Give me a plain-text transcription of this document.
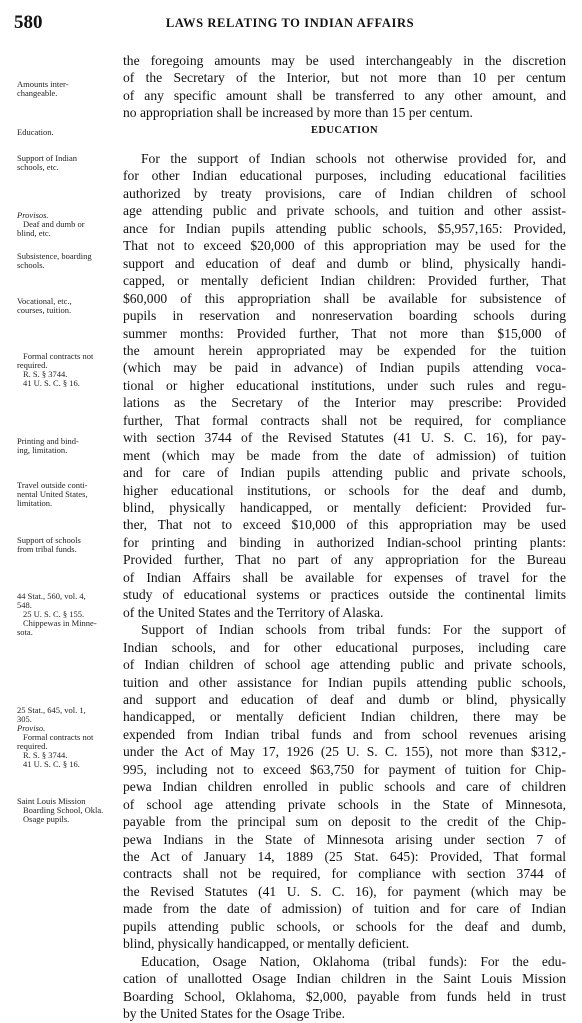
580	LAWS RELATING TO INDIAN AFFAIRS
EDUCATION
Amounts inter-
changeable.
Education.
Support of Indian
schools, etc.
Provisos.
Deaf and dumb or
blind, etc.
Subsistence, boarding
schools.
Vocational, etc.,
courses, tuition.
Formal contracts not
required.
R. S. § 3744.
41 U. S. C. § 16.
Printing and bind-
ing, limitation.
Travel outside conti-
nental United States,
limitation.
Support of schools
from tribal funds.
44 Stat., 560, vol. 4,
548.
25 U. S. C. § 155.
Chippewas in Minne-
sota.
25 Stat., 645, vol. 1,
305.
Proviso.
Formal contracts not
required.
R. S. § 3744.
41 U. S. C. § 16.
Saint Louis Mission
Boarding School, Okla.
Osage pupils.
the foregoing amounts may be used interchangeably in the discretion
of the Secretary of the Interior, but not more than 10 per centum
of any specific amount shall be transferred to any other amount, and
no appropriation shall be increased by more than 15 per centum.
For the support of Indian schools not otherwise provided for, and
for other Indian educational purposes, including educational facilities
authorized by treaty provisions, care of Indian children of school
age attending public and private schools, and tuition and other assist-
ance for Indian pupils attending public schools, $5,957,165: Provided,
That not to exceed $20,000 of this appropriation may be used for the
support and education of deaf and dumb or blind, physically handi-
capped, or mentally deficient Indian children: Provided further, That
$60,000 of this appropriation shall be available for subsistence of
pupils in reservation and nonreservation boarding schools during
summer months: Provided further, That not more than $15,000 of
the amount herein appropriated may be expended for the tuition
(which may be paid in advance) of Indian pupils attending voca-
tional or higher educational institutions, under such rules and regu-
lations as the Secretary of the Interior may prescribe: Provided
further, That formal contracts shall not be required, for compliance
with section 3744 of the Revised Statutes (41 U. S. C. 16), for pay-
ment (which may be made from the date of admission) of tuition
and for care of Indian pupils attending public and private schools,
higher educational institutions, or schools for the deaf and dumb,
blind, physically handicapped, or mentally deficient: Provided fur-
ther, That not to exceed $10,000 of this appropriation may be used
for printing and binding in authorized Indian-school printing plants:
Provided further, That no part of any appropriation for the Bureau
of Indian Affairs shall be available for expenses of travel for the
study of educational systems or practices outside the continental limits
of the United States and the Territory of Alaska.
Support of Indian schools from tribal funds: For the support of
Indian schools, and for other educational purposes, including care
of Indian children of school age attending public and private schools,
tuition and other assistance for Indian pupils attending public schools,
and support and education of deaf and dumb or blind, physically
handicapped, or mentally deficient Indian children, there may be
expended from Indian tribal funds and from school revenues arising
under the Act of May 17, 1926 (25 U. S. C. 155), not more than $312,-
995, including not to exceed $63,750 for payment of tuition for Chip-
pewa Indian children enrolled in public schools and care of children
of school age attending private schools in the State of Minnesota,
payable from the principal sum on deposit to the credit of the Chip-
pewa Indians in the State of Minnesota arising under section 7 of
the Act of January 14, 1889 (25 Stat. 645): Provided, That formal
contracts shall not be required, for compliance with section 3744 of
the Revised Statutes (41 U. S. C. 16), for payment (which may be
made from the date of admission) of tuition and for care of Indian
pupils attending public schools, or schools for the deaf and dumb,
blind, physically handicapped, or mentally deficient.
Education, Osage Nation, Oklahoma (tribal funds): For the edu-
cation of unallotted Osage Indian children in the Saint Louis Mission
Boarding School, Oklahoma, $2,000, payable from funds held in trust
by the United States for the Osage Tribe.
